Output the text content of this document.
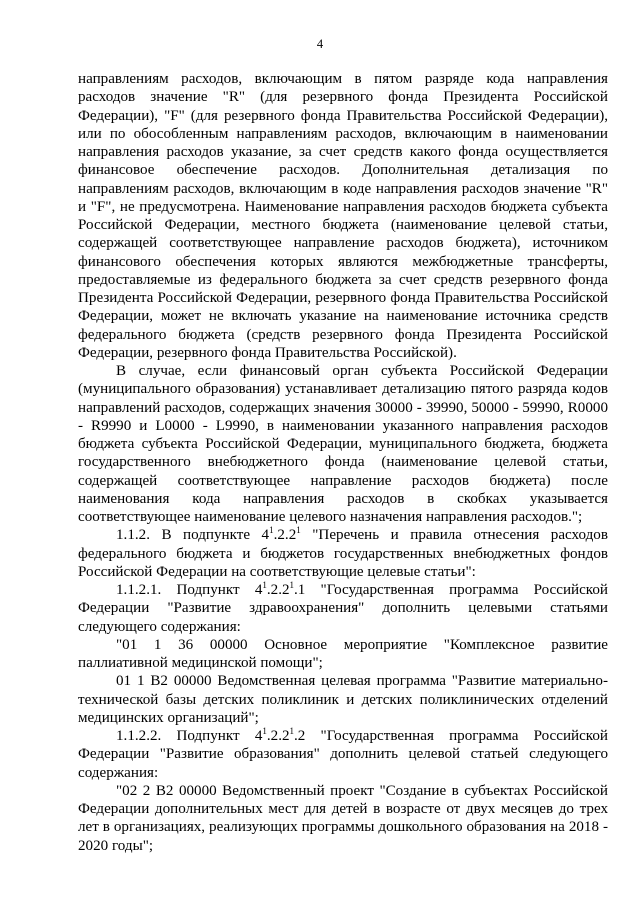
4

направлениям расходов, включающим в пятом разряде кода направления расходов значение "R" (для резервного фонда Президента Российской Федерации), "F" (для резервного фонда Правительства Российской Федерации), или по обособленным направлениям расходов, включающим в наименовании направления расходов указание, за счет средств какого фонда осуществляется финансовое обеспечение расходов. Дополнительная детализация по направлениям расходов, включающим в коде направления расходов значение "R" и "F", не предусмотрена. Наименование направления расходов бюджета субъекта Российской Федерации, местного бюджета (наименование целевой статьи, содержащей соответствующее направление расходов бюджета), источником финансового обеспечения которых являются межбюджетные трансферты, предоставляемые из федерального бюджета за счет средств резервного фонда Президента Российской Федерации, резервного фонда Правительства Российской Федерации, может не включать указание на наименование источника средств федерального бюджета (средств резервного фонда Президента Российской Федерации, резервного фонда Правительства Российской).

В случае, если финансовый орган субъекта Российской Федерации (муниципального образования) устанавливает детализацию пятого разряда кодов направлений расходов, содержащих значения 30000 - 39990, 50000 - 59990, R0000 - R9990 и L0000 - L9990, в наименовании указанного направления расходов бюджета субъекта Российской Федерации, муниципального бюджета, бюджета государственного внебюджетного фонда (наименование целевой статьи, содержащей соответствующее направление расходов бюджета) после наименования кода направления расходов в скобках указывается соответствующее наименование целевого назначения направления расходов.";

1.1.2. В подпункте $4^1.2.2^1$ "Перечень и правила отнесения расходов федерального бюджета и бюджетов государственных внебюджетных фондов Российской Федерации на соответствующие целевые статьи":

1.1.2.1. Подпункт $4^1.2.2^1.1$ "Государственная программа Российской Федерации "Развитие здравоохранения" дополнить целевыми статьями следующего содержания:

"01 1 36 00000 Основное мероприятие "Комплексное развитие паллиативной медицинской помощи";

01 1 В2 00000 Ведомственная целевая программа "Развитие материально-технической базы детских поликлиник и детских поликлинических отделений медицинских организаций";

1.1.2.2. Подпункт $4^1.2.2^1.2$ "Государственная программа Российской Федерации "Развитие образования" дополнить целевой статьей следующего содержания:

"02 2 В2 00000 Ведомственный проект "Создание в субъектах Российской Федерации дополнительных мест для детей в возрасте от двух месяцев до трех лет в организациях, реализующих программы дошкольного образования на 2018 - 2020 годы";
